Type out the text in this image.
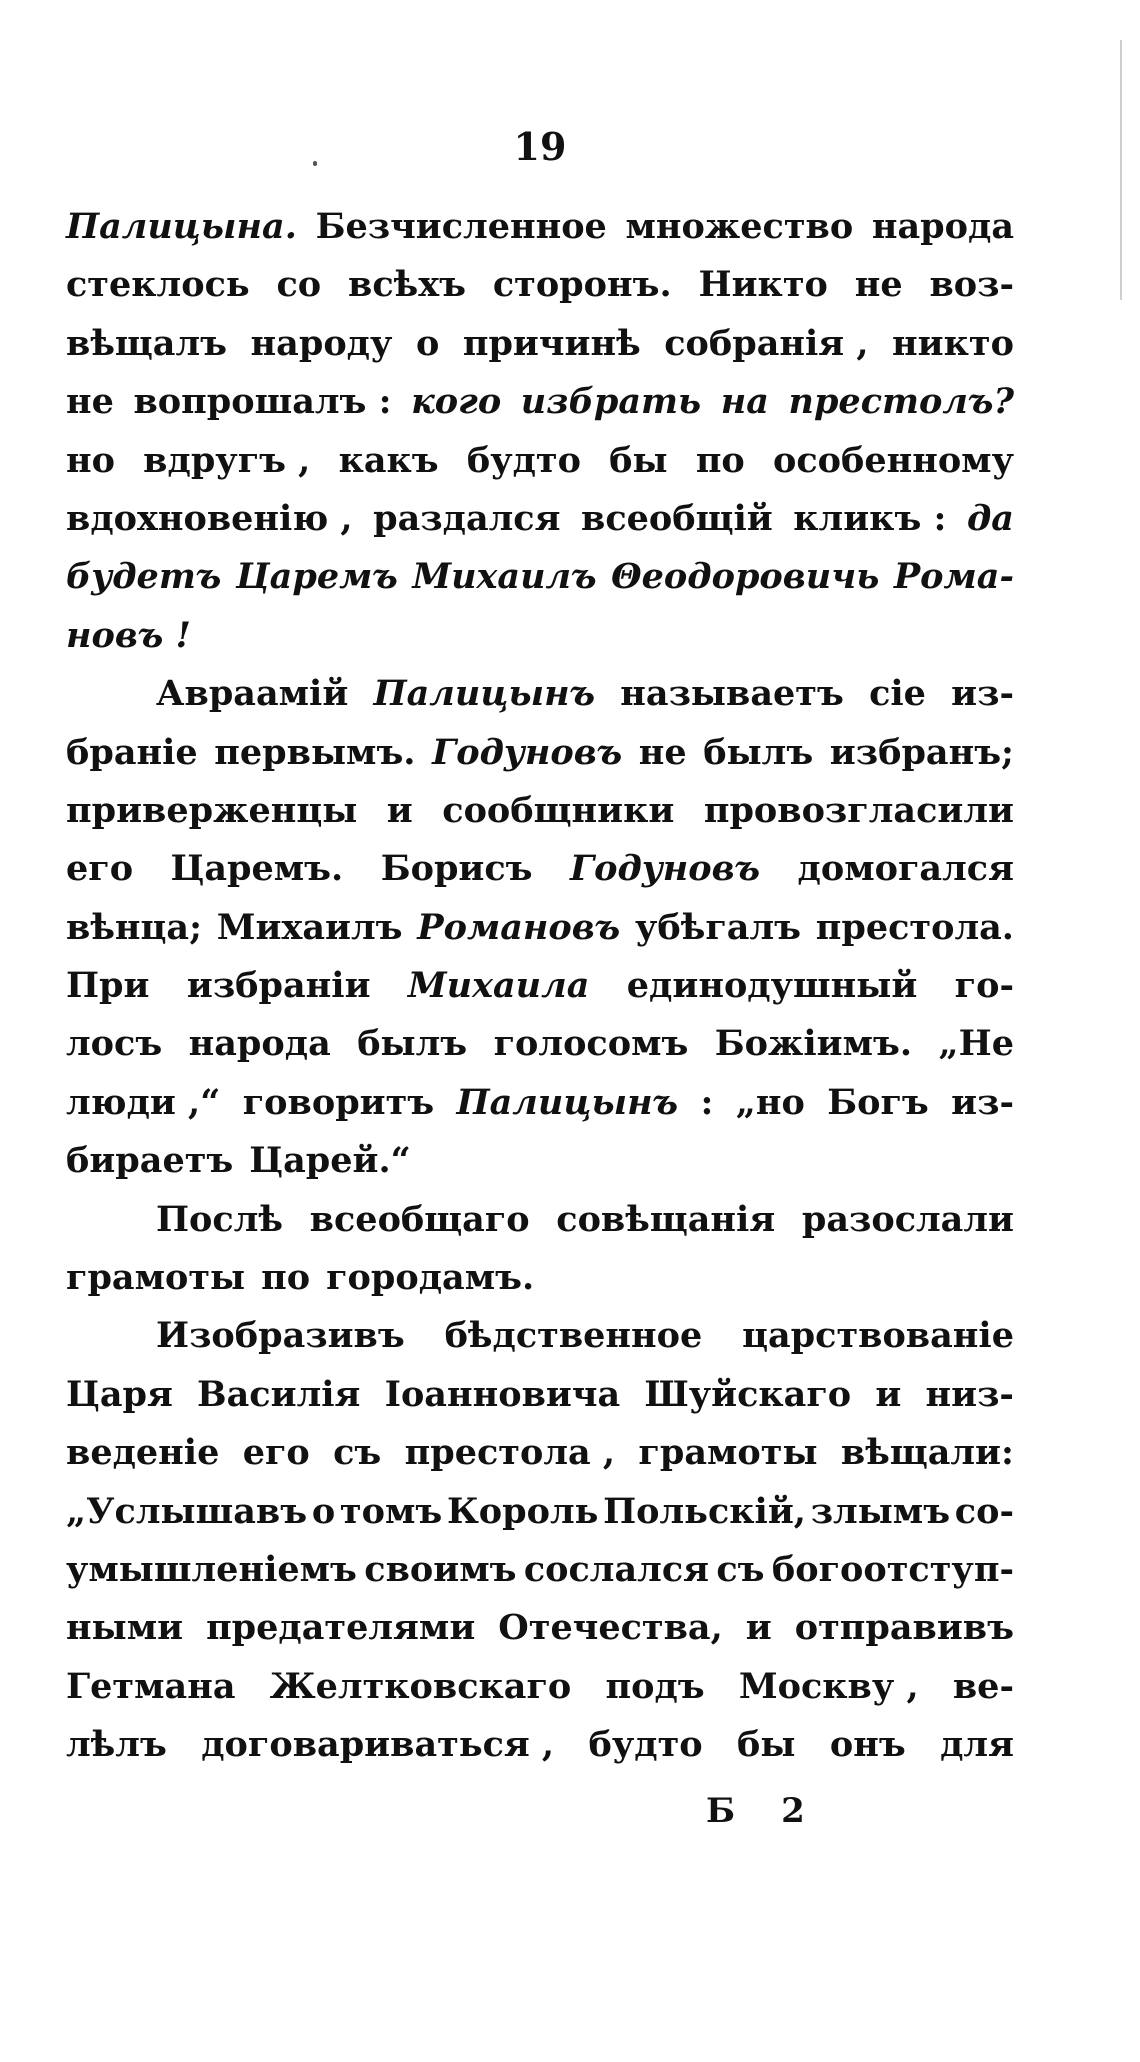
19
Палицына. Безчисленное множество народа
стеклось со всѣхъ сторонъ. Никто не воз-
вѣщалъ народу о причинѣ собранія , никто
не вопрошалъ : кого избрать на престолъ?
но вдругъ , какъ будто бы по особенному
вдохновенію , раздался всеобщій кликъ : да
будетъ Царемъ Михаилъ Θеодоровичь Рома-
новъ !
Авраамій Палицынъ называетъ сіе из-
браніе первымъ. Годуновъ не былъ избранъ;
приверженцы и сообщники провозгласили
его Царемъ. Борисъ Годуновъ домогался
вѣнца; Михаилъ Романовъ убѣгалъ престола.
При избраніи Михаила единодушный го-
лосъ народа былъ голосомъ Божіимъ. „Не
люди ,“ говоритъ Палицынъ : „но Богъ из-
бираетъ Царей.“
Послѣ всеобщаго совѣщанія разослали
грамоты по городамъ.
Изобразивъ бѣдственное царствованіе
Царя Василія Іоанновича Шуйскаго и низ-
веденіе его съ престола , грамоты вѣщали:
„Услышавъ о томъ Король Польскій, злымъ со-
умышленіемъ своимъ сослался съ богоотступ-
ными предателями Отечества, и отправивъ
Гетмана Желтковскаго подъ Москву , ве-
лѣлъ договариваться , будто бы онъ для
Б 2
